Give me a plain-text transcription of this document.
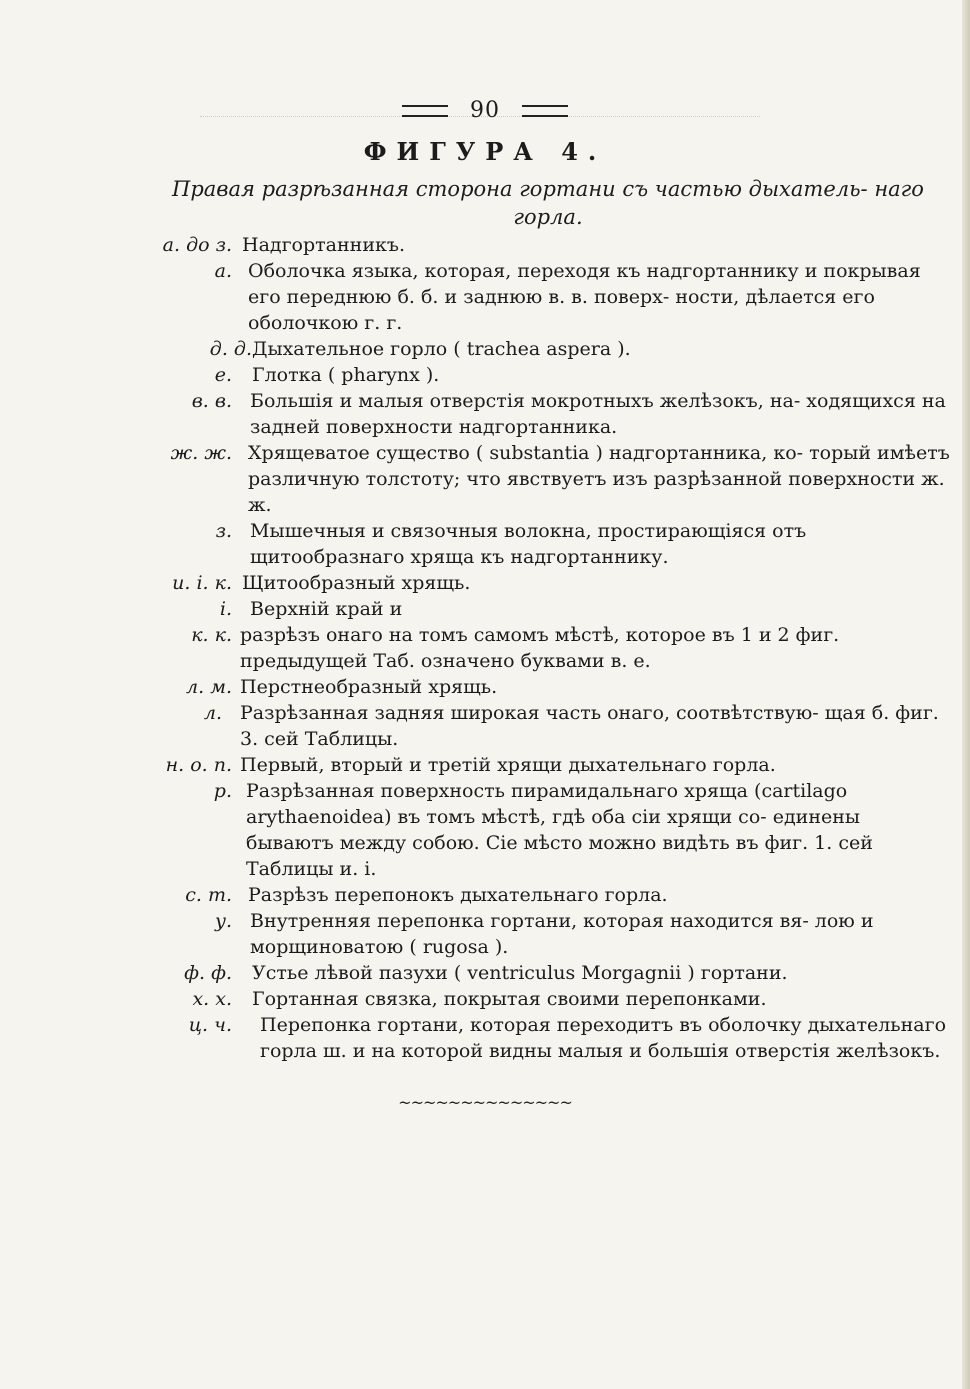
90
ФИГУРА 4.
Правая разрѣзанная сторона гортани съ частью дыхатель- наго горла.
а. до з. Надгортанникъ.
а. Оболочка языка, которая, переходя къ надгортаннику и покрывая его переднюю б. б. и заднюю в. в. поверх- ности, дѣлается его оболочкою г. г.
д. д. Дыхательное горло ( trachea aspera ).
е. Глотка ( pharynx ).
в. в. Большія и малыя отверстія мокротныхъ желѣзокъ, на- ходящихся на задней поверхности надгортанника.
ж. ж. Хрящеватое существо ( substantia ) надгортанника, ко- торый имѣетъ различную толстоту; что явствуетъ изъ разрѣзанной поверхности ж. ж.
з. Мышечныя и связочныя волокна, простирающіяся отъ щитообразнаго хряща къ надгортаннику.
и. і. к. Щитообразный хрящь.
і. Верхній край и
к. к. разрѣзъ онаго на томъ самомъ мѣстѣ, которое въ 1 и 2 фиг. предыдущей Таб. означено буквами в. е.
л. м. Перстнеобразный хрящь.
л. Разрѣзанная задняя широкая часть онаго, соотвѣтствую- щая б. фиг. 3. сей Таблицы.
н. о. п. Первый, вторый и третій хрящи дыхательнаго горла.
р. Разрѣзанная поверхность пирамидальнаго хряща (cartilago arythaenoidea) въ томъ мѣстѣ, гдѣ оба сіи хрящи со- единены бываютъ между собою. Сіе мѣсто можно видѣть въ фиг. 1. сей Таблицы и. і.
с. т. Разрѣзъ перепонокъ дыхательнаго горла.
у. Внутренняя перепонка гортани, которая находится вя- лою и морщиноватою ( rugosa ).
ф. ф. Устье лѣвой пазухи ( ventriculus Morgagnii ) гортани.
х. х. Гортанная связка, покрытая своими перепонками.
ц. ч. Перепонка гортани, которая переходитъ въ оболочку дыхательнаго горла ш. и на которой видны малыя и большія отверстія желѣзокъ.
~~~~~~~~~~~~~~
